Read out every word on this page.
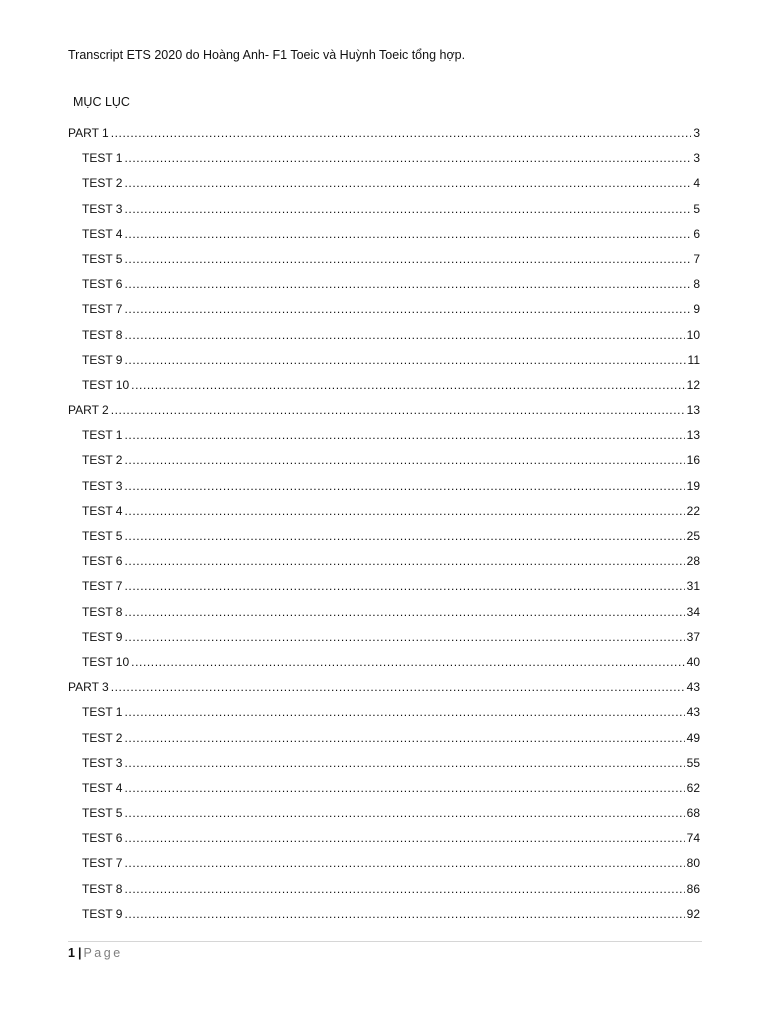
Transcript ETS 2020 do Hoàng Anh- F1 Toeic và Huỳnh Toeic tổng hợp.
MỤC LỤC
PART 1 .....	3
TEST 1 .....	3
TEST 2 .....	4
TEST 3 .....	5
TEST 4 .....	6
TEST 5 .....	7
TEST 6 .....	8
TEST 7 .....	9
TEST 8 .....	10
TEST 9 .....	11
TEST 10 .....	12
PART 2 .....	13
TEST 1 .....	13
TEST 2 .....	16
TEST 3 .....	19
TEST 4 .....	22
TEST 5 .....	25
TEST 6 .....	28
TEST 7 .....	31
TEST 8 .....	34
TEST 9 .....	37
TEST 10 .....	40
PART 3 .....	43
TEST 1 .....	43
TEST 2 .....	49
TEST 3 .....	55
TEST 4 .....	62
TEST 5 .....	68
TEST 6 .....	74
TEST 7 .....	80
TEST 8 .....	86
TEST 9 .....	92
1 | Page
